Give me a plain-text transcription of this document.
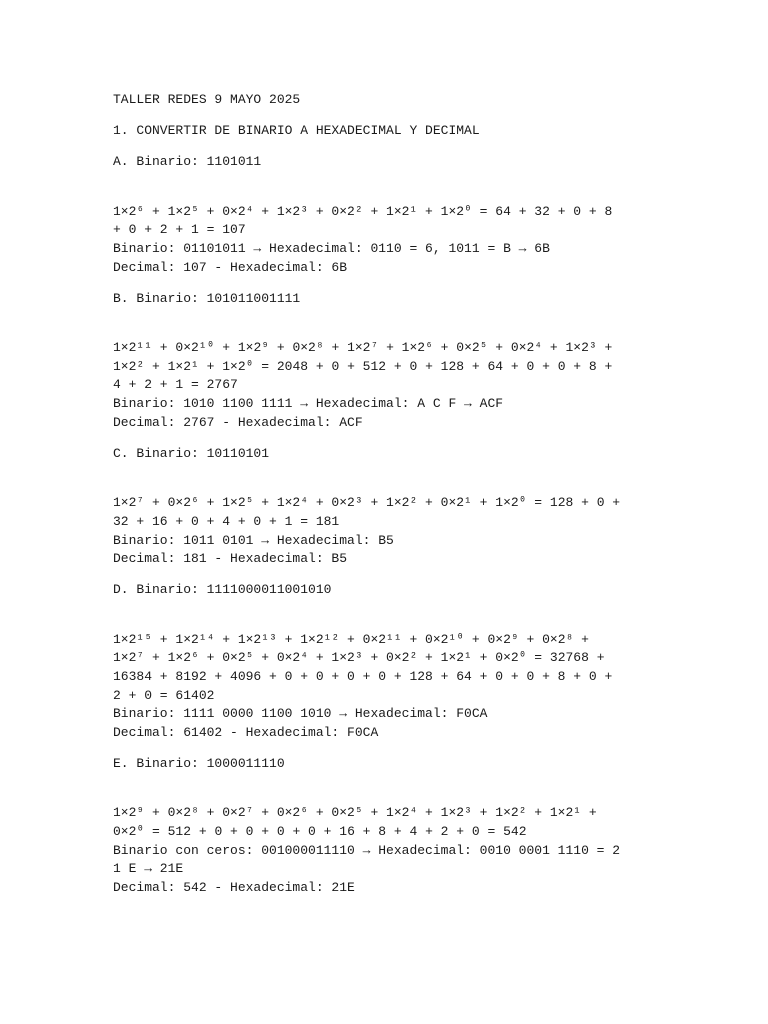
TALLER REDES 9 MAYO 2025
1. CONVERTIR DE BINARIO A HEXADECIMAL Y DECIMAL
A. Binario: 1101011
1×2⁶ + 1×2⁵ + 0×2⁴ + 1×2³ + 0×2² + 1×2¹ + 1×2⁰ = 64 + 32 + 0 + 8
+ 0 + 2 + 1 = 107
Binario: 01101011 → Hexadecimal: 0110 = 6, 1011 = B → 6B
Decimal: 107 - Hexadecimal: 6B
B. Binario: 101011001111
1×2¹¹ + 0×2¹⁰ + 1×2⁹ + 0×2⁸ + 1×2⁷ + 1×2⁶ + 0×2⁵ + 0×2⁴ + 1×2³ +
1×2² + 1×2¹ + 1×2⁰ = 2048 + 0 + 512 + 0 + 128 + 64 + 0 + 0 + 8 +
4 + 2 + 1 = 2767
Binario: 1010 1100 1111 → Hexadecimal: A C F → ACF
Decimal: 2767 - Hexadecimal: ACF
C. Binario: 10110101
1×2⁷ + 0×2⁶ + 1×2⁵ + 1×2⁴ + 0×2³ + 1×2² + 0×2¹ + 1×2⁰ = 128 + 0 +
32 + 16 + 0 + 4 + 0 + 1 = 181
Binario: 1011 0101 → Hexadecimal: B5
Decimal: 181 - Hexadecimal: B5
D. Binario: 1111000011001010
1×2¹⁵ + 1×2¹⁴ + 1×2¹³ + 1×2¹² + 0×2¹¹ + 0×2¹⁰ + 0×2⁹ + 0×2⁸ +
1×2⁷ + 1×2⁶ + 0×2⁵ + 0×2⁴ + 1×2³ + 0×2² + 1×2¹ + 0×2⁰ = 32768 +
16384 + 8192 + 4096 + 0 + 0 + 0 + 0 + 128 + 64 + 0 + 0 + 8 + 0 +
2 + 0 = 61402
Binario: 1111 0000 1100 1010 → Hexadecimal: F0CA
Decimal: 61402 - Hexadecimal: F0CA
E. Binario: 1000011110
1×2⁹ + 0×2⁸ + 0×2⁷ + 0×2⁶ + 0×2⁵ + 1×2⁴ + 1×2³ + 1×2² + 1×2¹ +
0×2⁰ = 512 + 0 + 0 + 0 + 0 + 16 + 8 + 4 + 2 + 0 = 542
Binario con ceros: 001000011110 → Hexadecimal: 0010 0001 1110 = 2
1 E → 21E
Decimal: 542 - Hexadecimal: 21E
